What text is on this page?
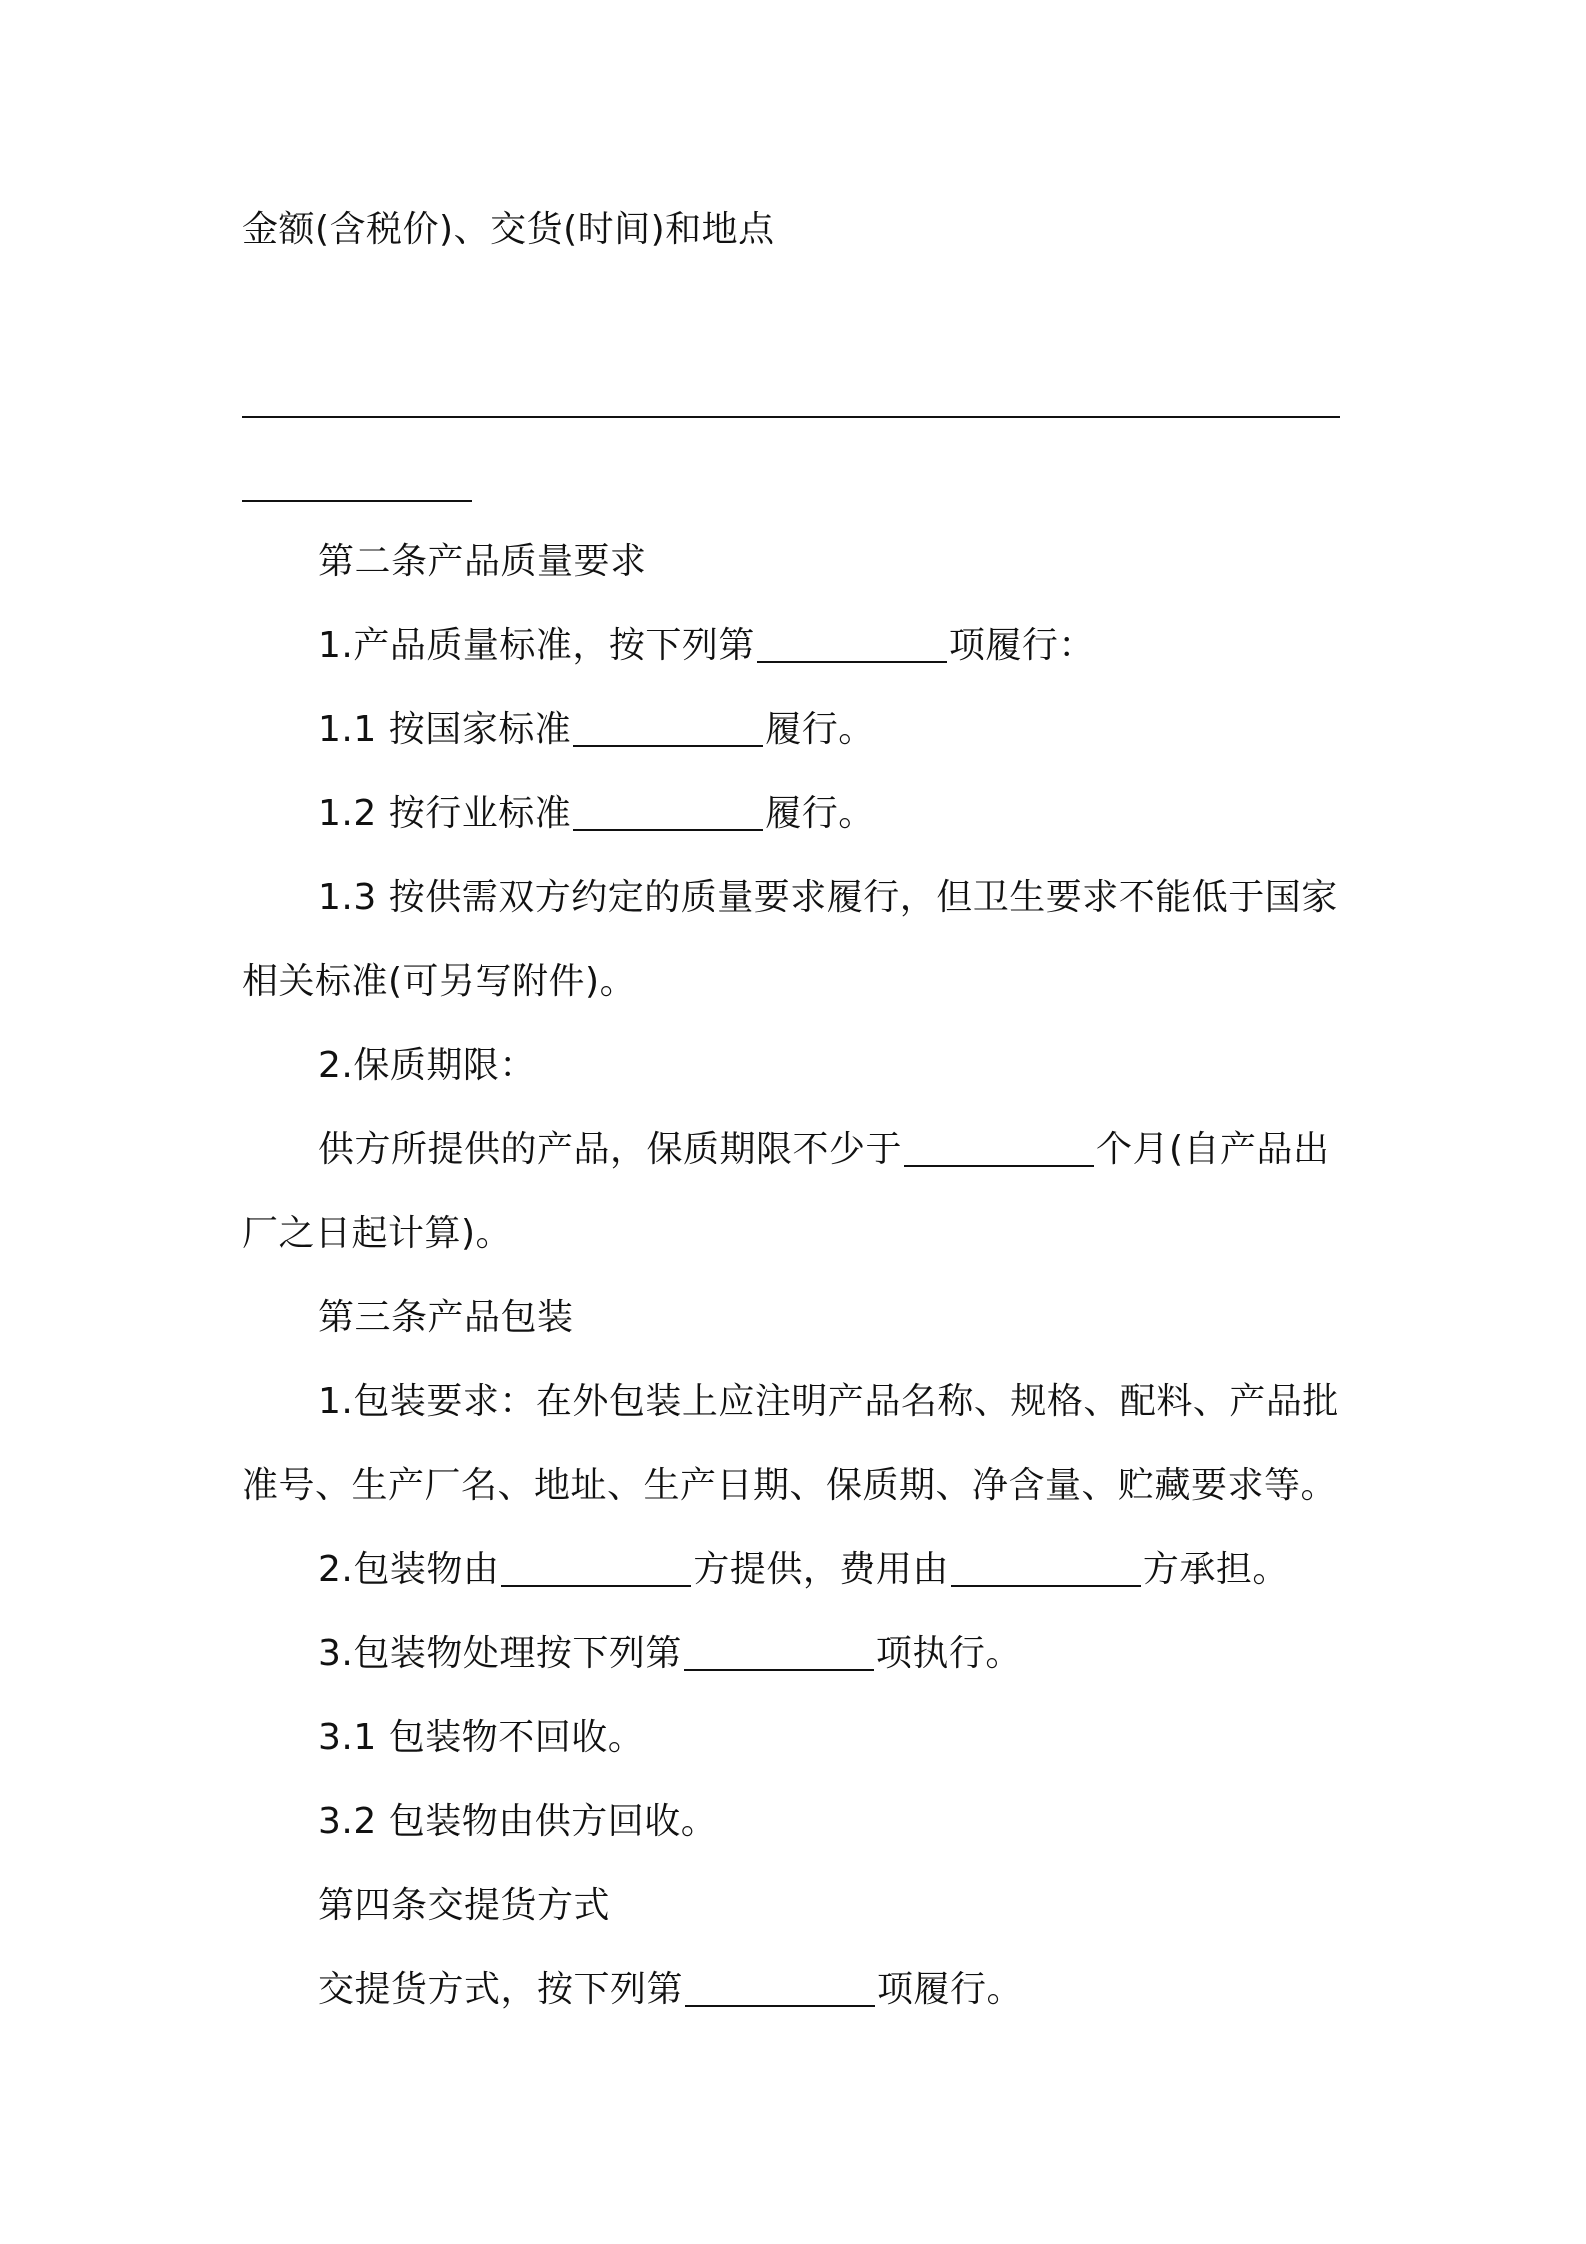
金额(含税价)、交货(时间)和地点
第二条产品质量要求
1.产品质量标准，按下列第	项履行：
1.1 按国家标准	履行。
1.2 按行业标准	履行。
1.3 按供需双方约定的质量要求履行，但卫生要求不能低于国家
相关标准(可另写附件)。
2.保质期限：
供方所提供的产品，保质期限不少于	个月(自产品出
厂之日起计算)。
第三条产品包装
1.包装要求：在外包装上应注明产品名称、规格、配料、产品批
准号、生产厂名、地址、生产日期、保质期、净含量、贮藏要求等。
2.包装物由	方提供，费用由	方承担。
3.包装物处理按下列第	项执行。
3.1 包装物不回收。
3.2 包装物由供方回收。
第四条交提货方式
交提货方式，按下列第	项履行。
